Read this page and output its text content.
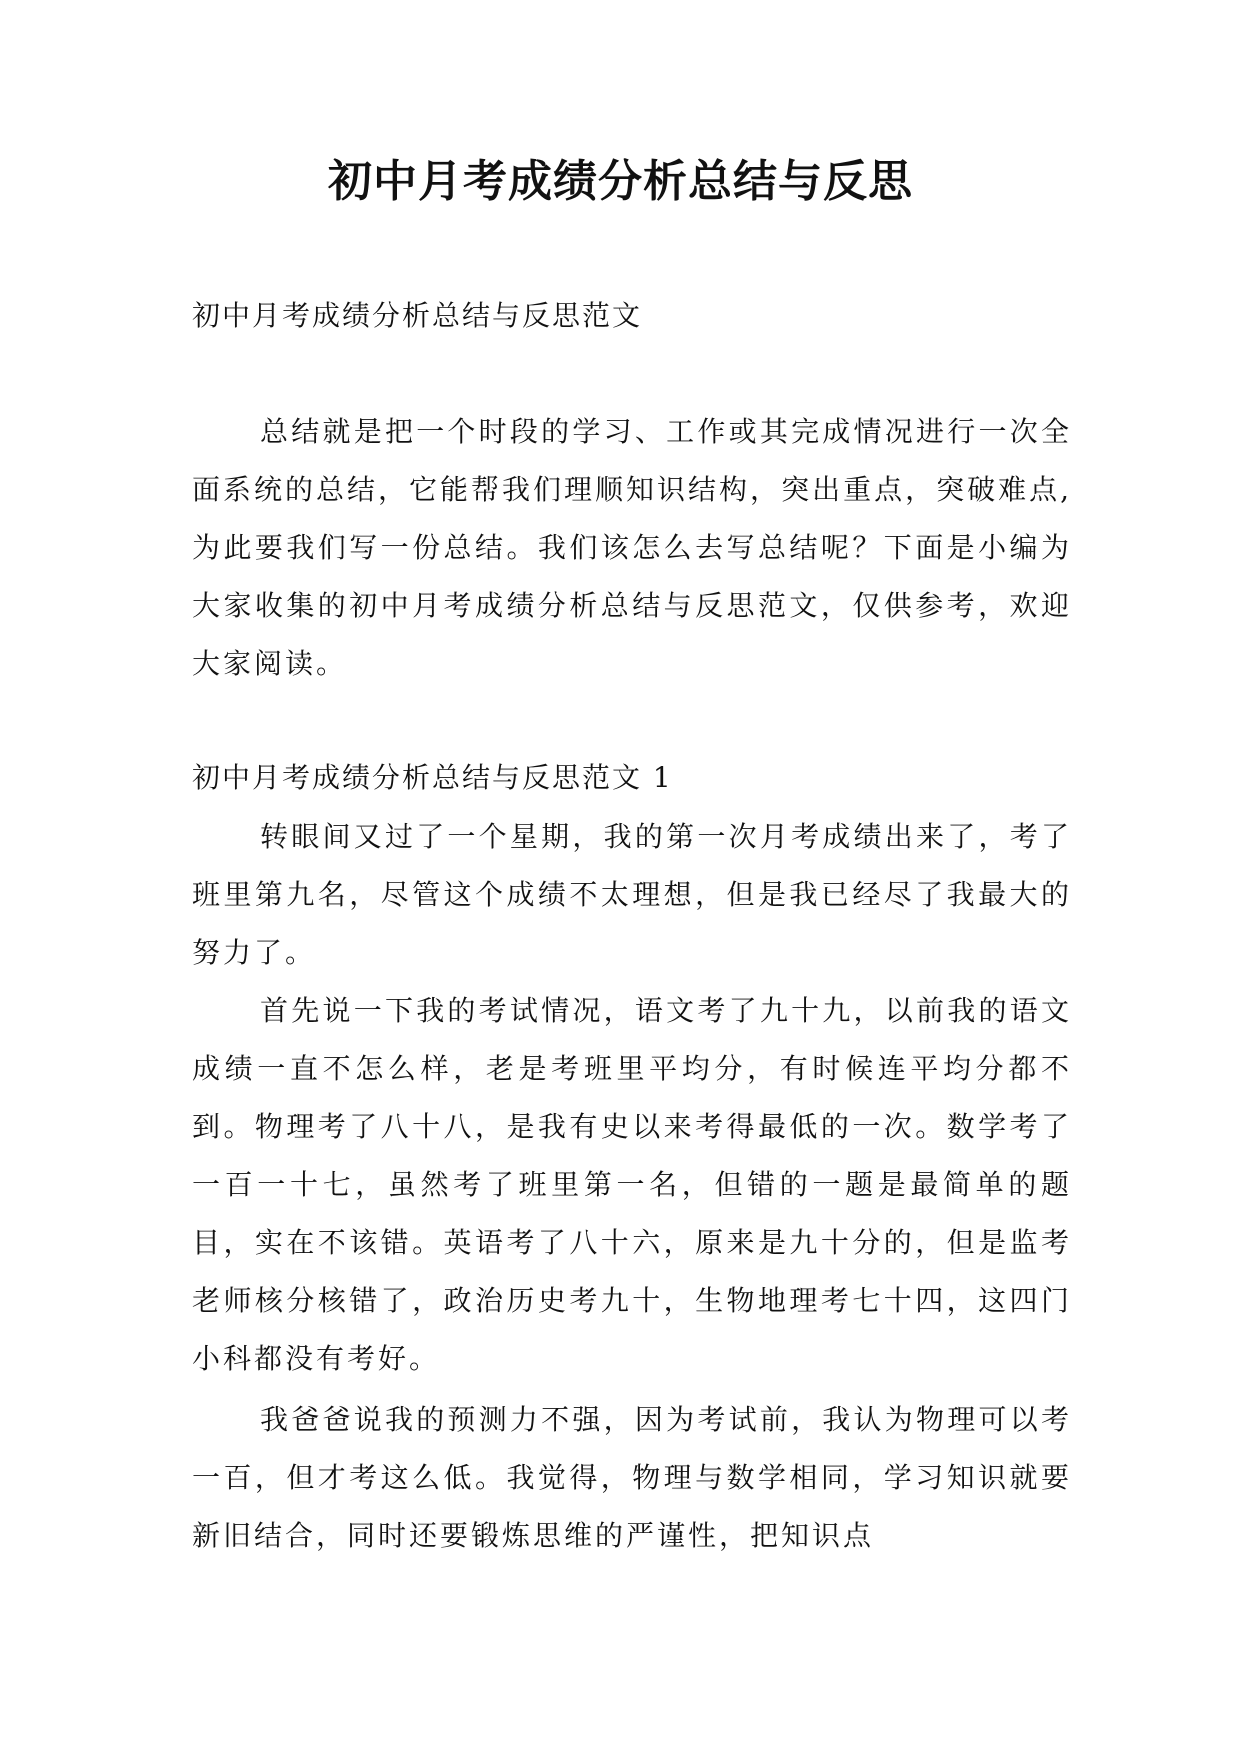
初中月考成绩分析总结与反思

初中月考成绩分析总结与反思范文

总结就是把一个时段的学习、工作或其完成情况进行一次全面系统的总结，它能帮我们理顺知识结构，突出重点，突破难点,为此要我们写一份总结。我们该怎么去写总结呢？下面是小编为大家收集的初中月考成绩分析总结与反思范文，仅供参考，欢迎大家阅读。

初中月考成绩分析总结与反思范文 1

转眼间又过了一个星期，我的第一次月考成绩出来了，考了班里第九名，尽管这个成绩不太理想，但是我已经尽了我最大的努力了。

首先说一下我的考试情况，语文考了九十九，以前我的语文成绩一直不怎么样，老是考班里平均分，有时候连平均分都不到。物理考了八十八，是我有史以来考得最低的一次。数学考了一百一十七，虽然考了班里第一名，但错的一题是最简单的题目，实在不该错。英语考了八十六，原来是九十分的，但是监考老师核分核错了，政治历史考九十，生物地理考七十四，这四门小科都没有考好。

我爸爸说我的预测力不强，因为考试前，我认为物理可以考一百，但才考这么低。我觉得，物理与数学相同，学习知识就要新旧结合，同时还要锻炼思维的严谨性，把知识点
